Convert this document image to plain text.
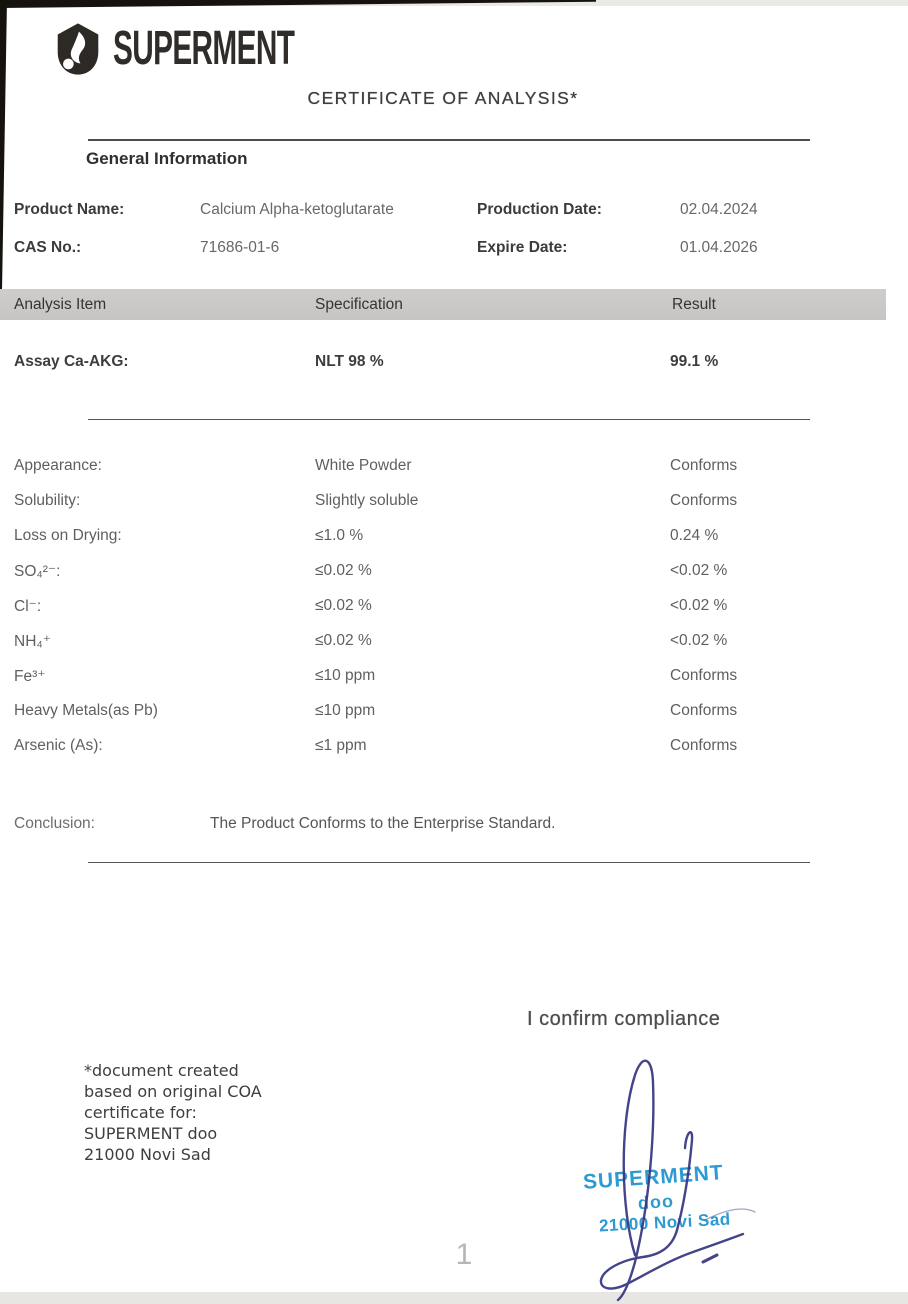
SUPERMENT
CERTIFICATE OF ANALYSIS*
General Information
Product Name:	Calcium Alpha-ketoglutarate	Production Date:	02.04.2024
CAS No.:	71686-01-6	Expire Date:	01.04.2026
Analysis Item	Specification	Result
Assay Ca-AKG:	NLT 98 %	99.1 %
Appearance:	White Powder	Conforms
Solubility:	Slightly soluble	Conforms
Loss on Drying:	≤1.0 %	0.24 %
SO₄²⁻:	≤0.02 %	<0.02 %
Cl⁻:	≤0.02 %	<0.02 %
NH₄⁺	≤0.02 %	<0.02 %
Fe³⁺	≤10 ppm	Conforms
Heavy Metals(as Pb)	≤10 ppm	Conforms
Arsenic (As):	≤1 ppm	Conforms
Conclusion:	The Product Conforms to the Enterprise Standard.
I confirm compliance
*document created
based on original COA
certificate for:
SUPERMENT doo
21000 Novi Sad
SUPERMENT
doo
21000 Novi Sad
1
